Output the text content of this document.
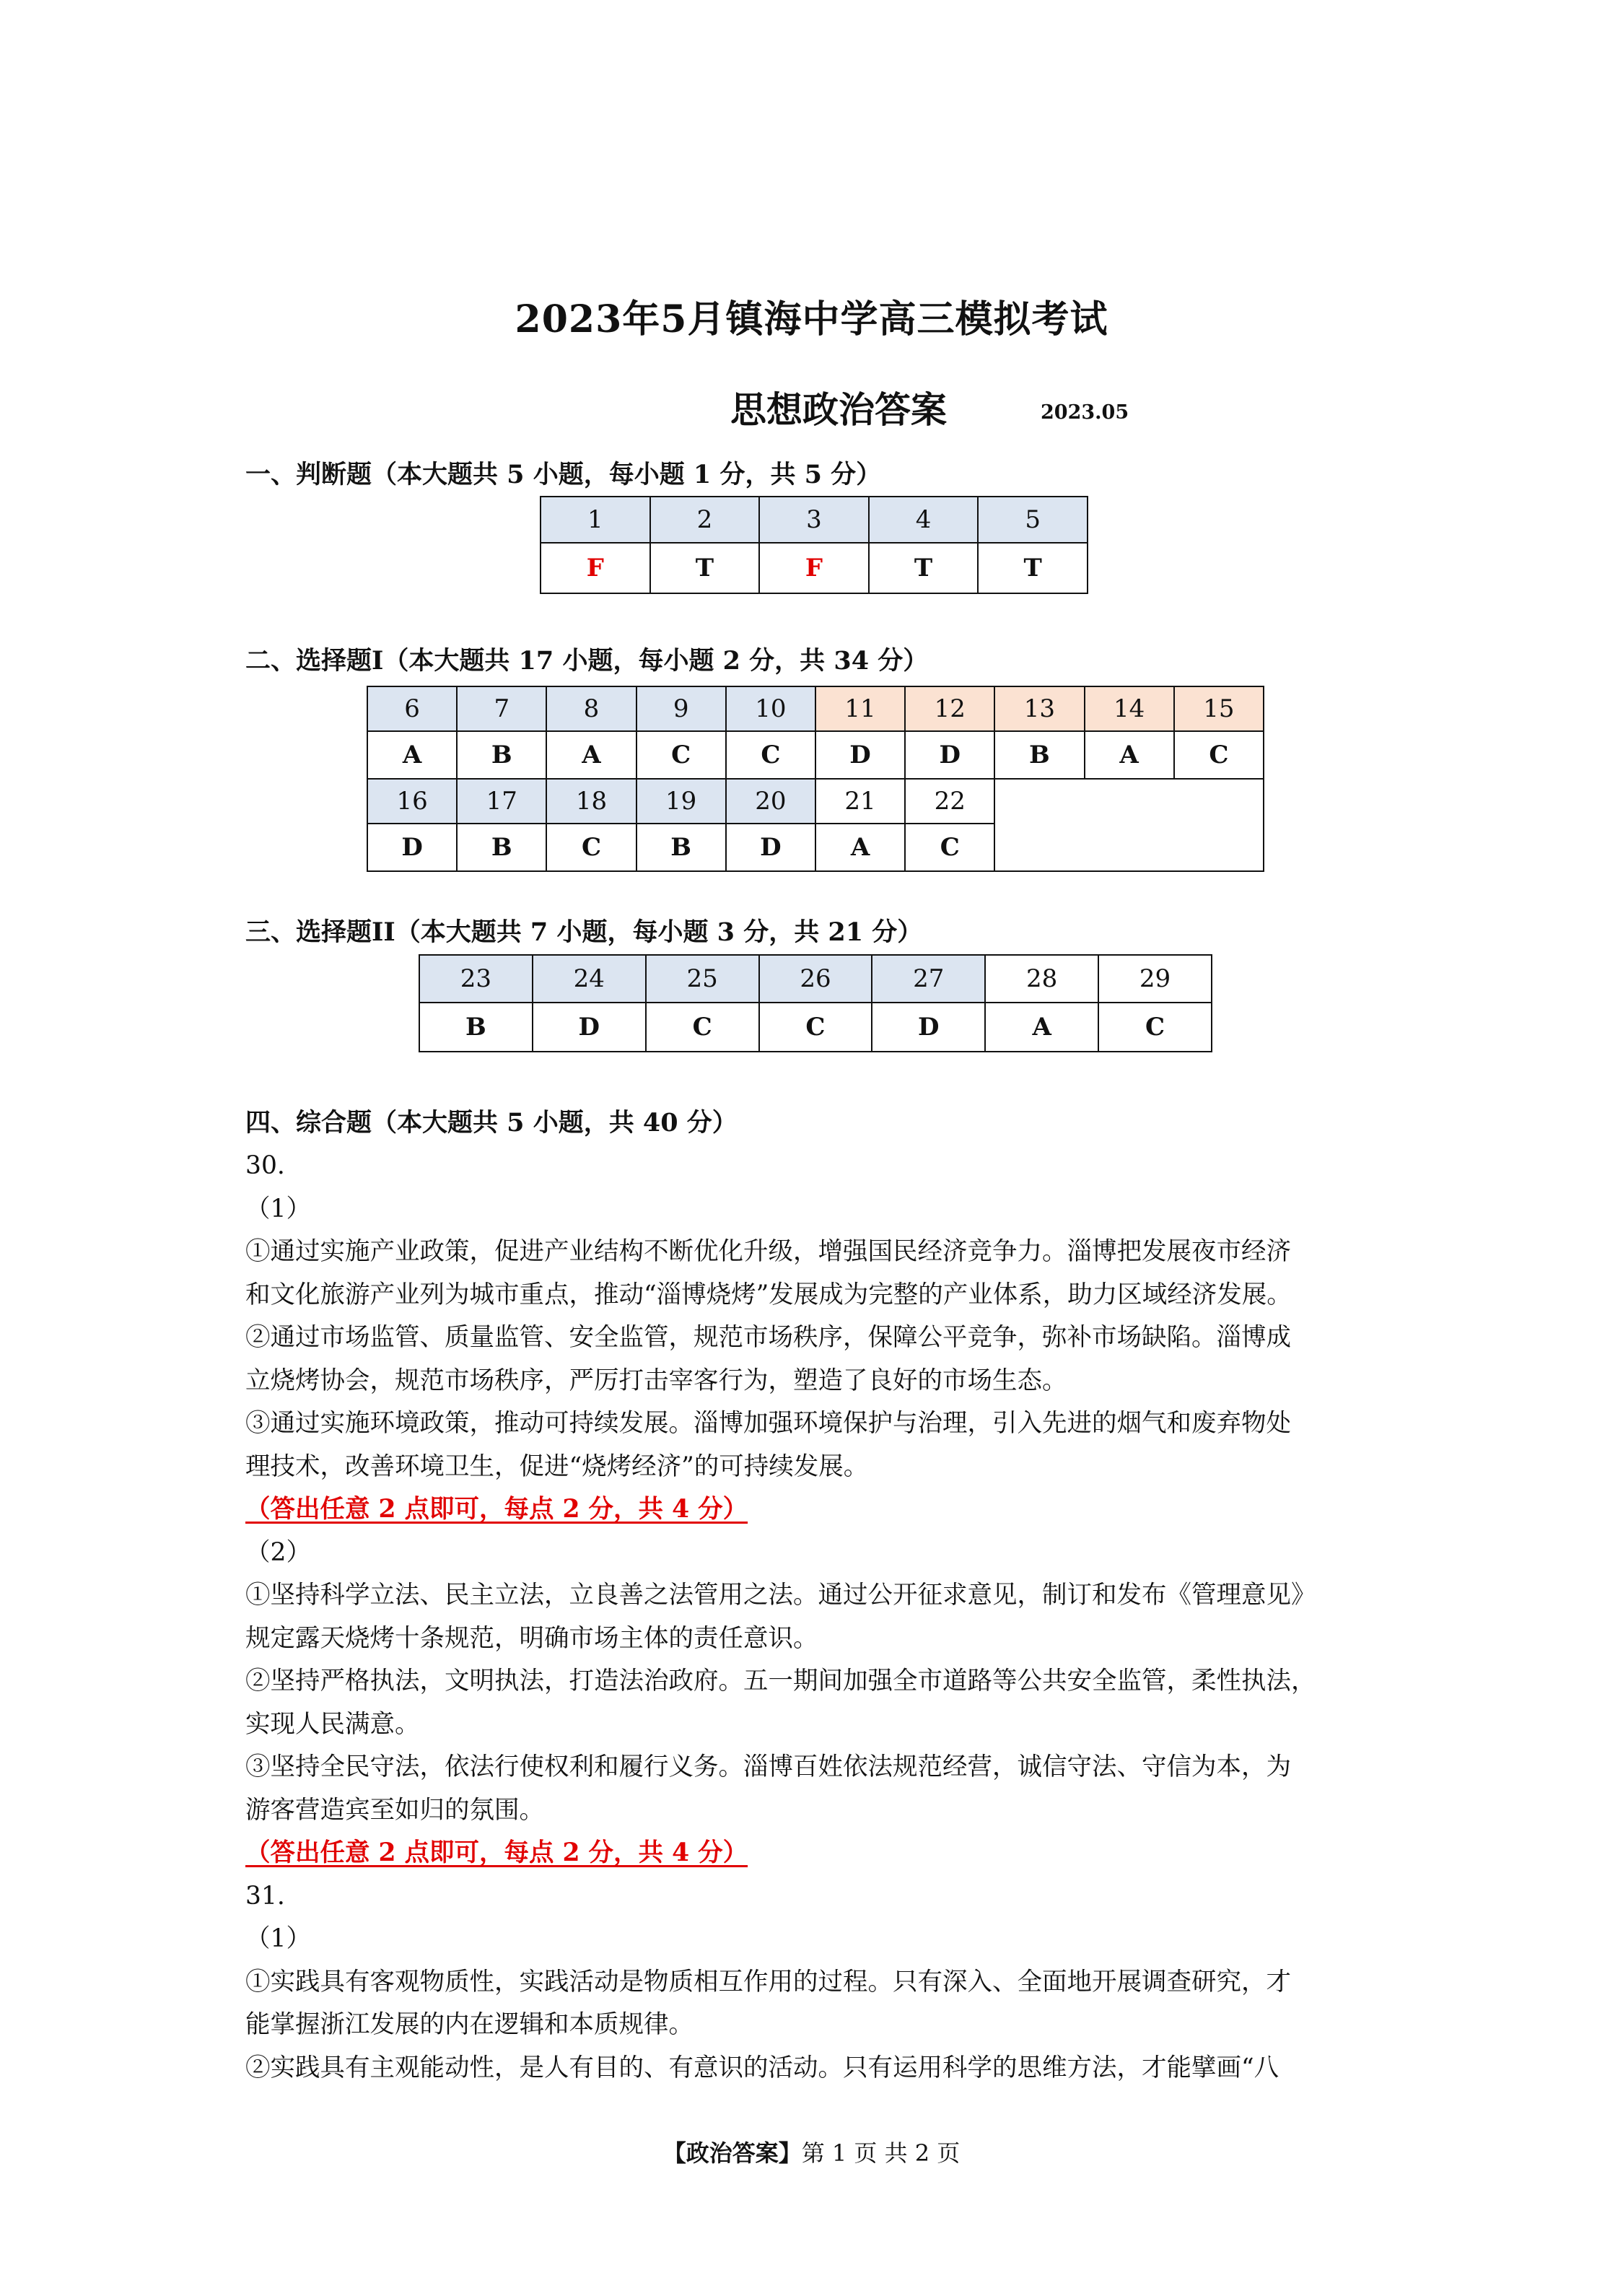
2023年5月镇海中学高三模拟考试
思想政治答案	2023.05
一、判断题（本大题共 5 小题，每小题 1 分，共 5 分）
1	2	3	4	5
F	T	F	T	T
二、选择题I（本大题共 17 小题，每小题 2 分，共 34 分）
6	7	8	9	10	11	12	13	14	15
A	B	A	C	C	D	D	B	A	C
16	17	18	19	20	21	22			
D	B	C	B	D	A	C			
三、选择题II（本大题共 7 小题，每小题 3 分，共 21 分）
23	24	25	26	27	28	29
B	D	C	C	D	A	C
四、综合题（本大题共 5 小题，共 40 分）
30.
（1）
①通过实施产业政策，促进产业结构不断优化升级，增强国民经济竞争力。淄博把发展夜市经济
和文化旅游产业列为城市重点，推动“淄博烧烤”发展成为完整的产业体系，助力区域经济发展。
②通过市场监管、质量监管、安全监管，规范市场秩序，保障公平竞争，弥补市场缺陷。淄博成
立烧烤协会，规范市场秩序，严厉打击宰客行为，塑造了良好的市场生态。
③通过实施环境政策，推动可持续发展。淄博加强环境保护与治理，引入先进的烟气和废弃物处
理技术，改善环境卫生，促进“烧烤经济”的可持续发展。
（答出任意 2 点即可，每点 2 分，共 4 分）
（2）
①坚持科学立法、民主立法，立良善之法管用之法。通过公开征求意见，制订和发布《管理意见》
规定露天烧烤十条规范，明确市场主体的责任意识。
②坚持严格执法，文明执法，打造法治政府。五一期间加强全市道路等公共安全监管，柔性执法，
实现人民满意。
③坚持全民守法，依法行使权利和履行义务。淄博百姓依法规范经营，诚信守法、守信为本，为
游客营造宾至如归的氛围。
（答出任意 2 点即可，每点 2 分，共 4 分）
31.
（1）
①实践具有客观物质性，实践活动是物质相互作用的过程。只有深入、全面地开展调查研究，才
能掌握浙江发展的内在逻辑和本质规律。
②实践具有主观能动性，是人有目的、有意识的活动。只有运用科学的思维方法，才能擘画“八
【政治答案】第 1 页 共 2 页
